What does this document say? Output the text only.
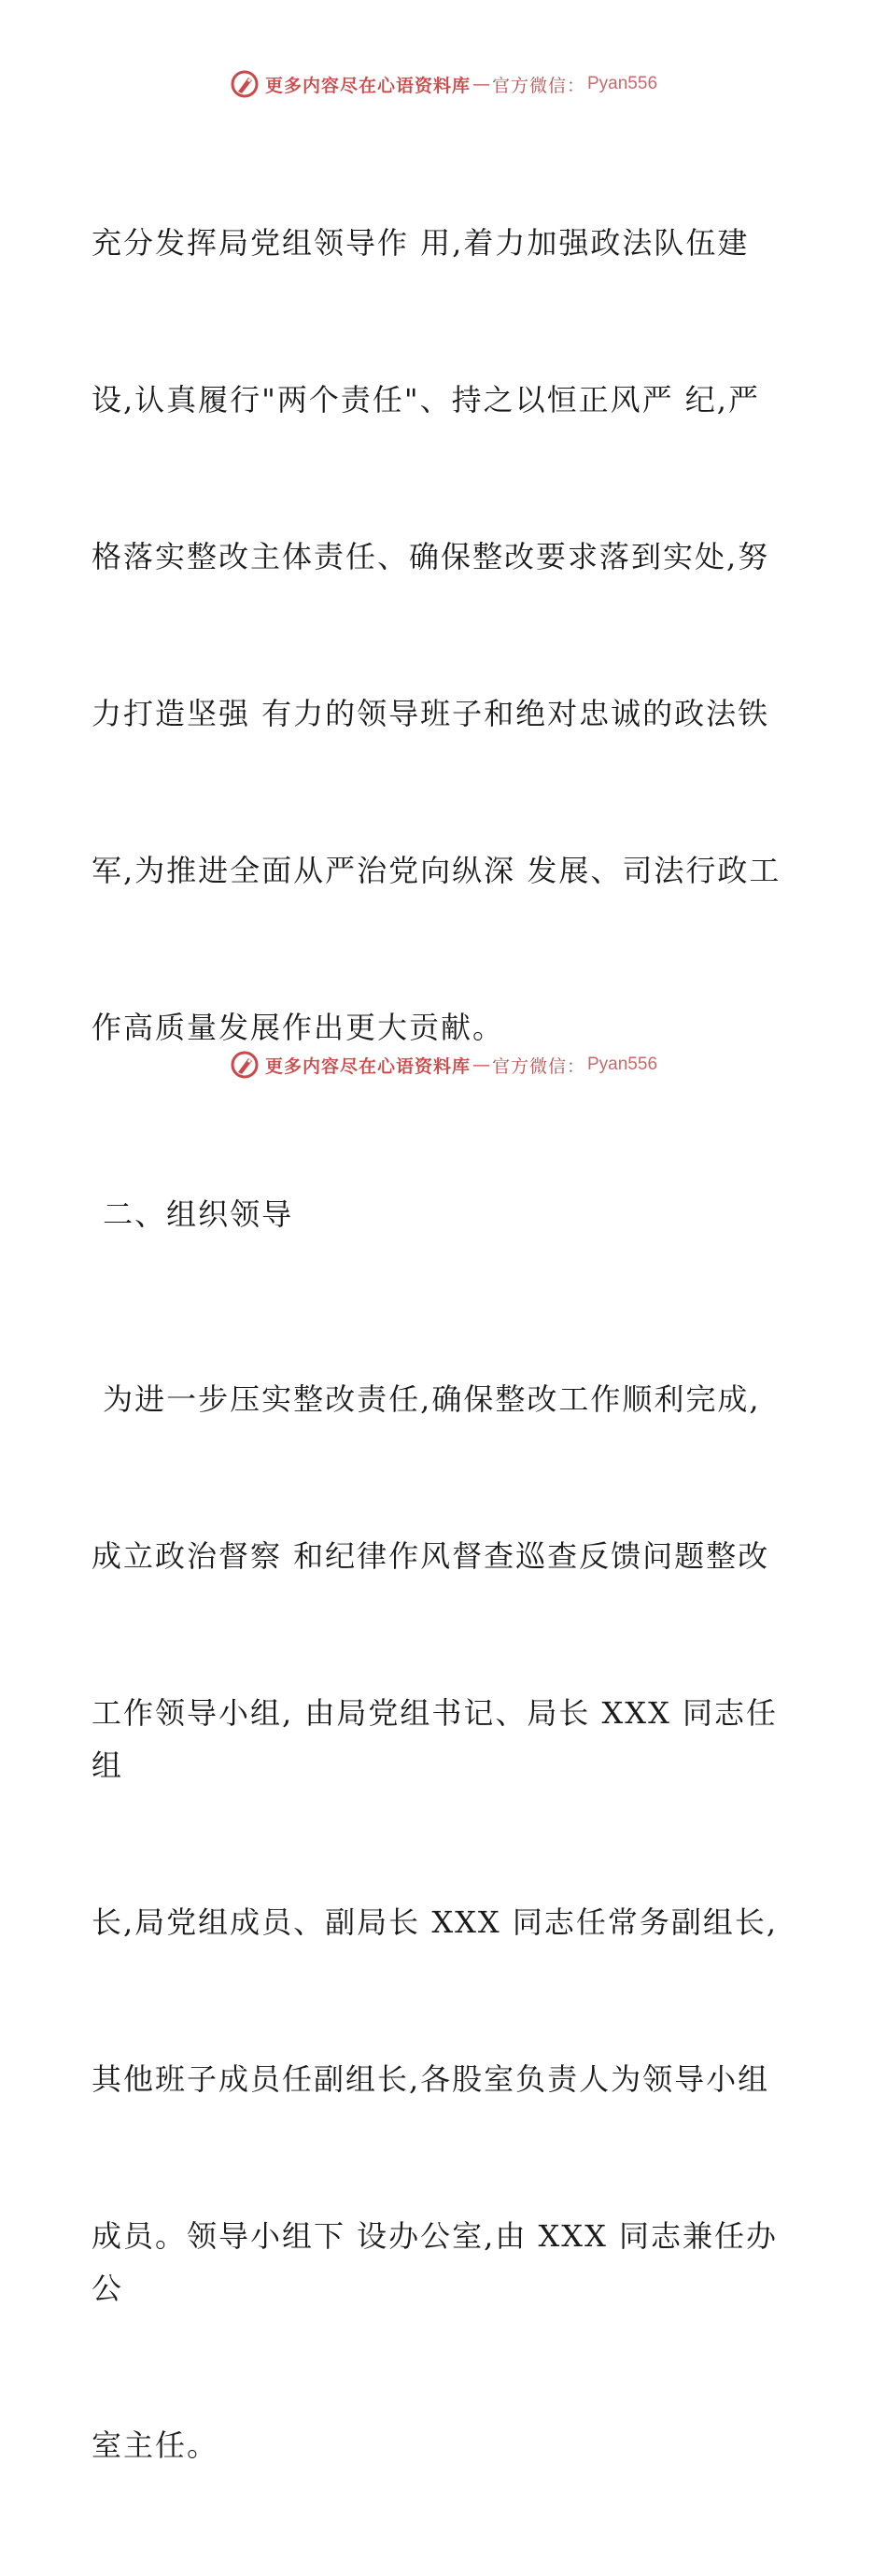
更多内容尽在心语资料库 — 官方微信： Pyan556

充分发挥局党组领导作 用,着力加强政法队伍建

设,认真履行"两个责任"、持之以恒正风严 纪,严

格落实整改主体责任、确保整改要求落到实处,努

力打造坚强 有力的领导班子和绝对忠诚的政法铁

军,为推进全面从严治党向纵深 发展、司法行政工

作高质量发展作出更大贡献。

二、组织领导

为进一步压实整改责任,确保整改工作顺利完成,

成立政治督察 和纪律作风督查巡查反馈问题整改

工作领导小组, 由局党组书记、局长 XXX 同志任组

长,局党组成员、副局长 XXX 同志任常务副组长,

其他班子成员任副组长,各股室负责人为领导小组

成员。领导小组下 设办公室,由 XXX 同志兼任办公

室主任。

更多内容尽在心语资料库 — 官方微信： Pyan556
